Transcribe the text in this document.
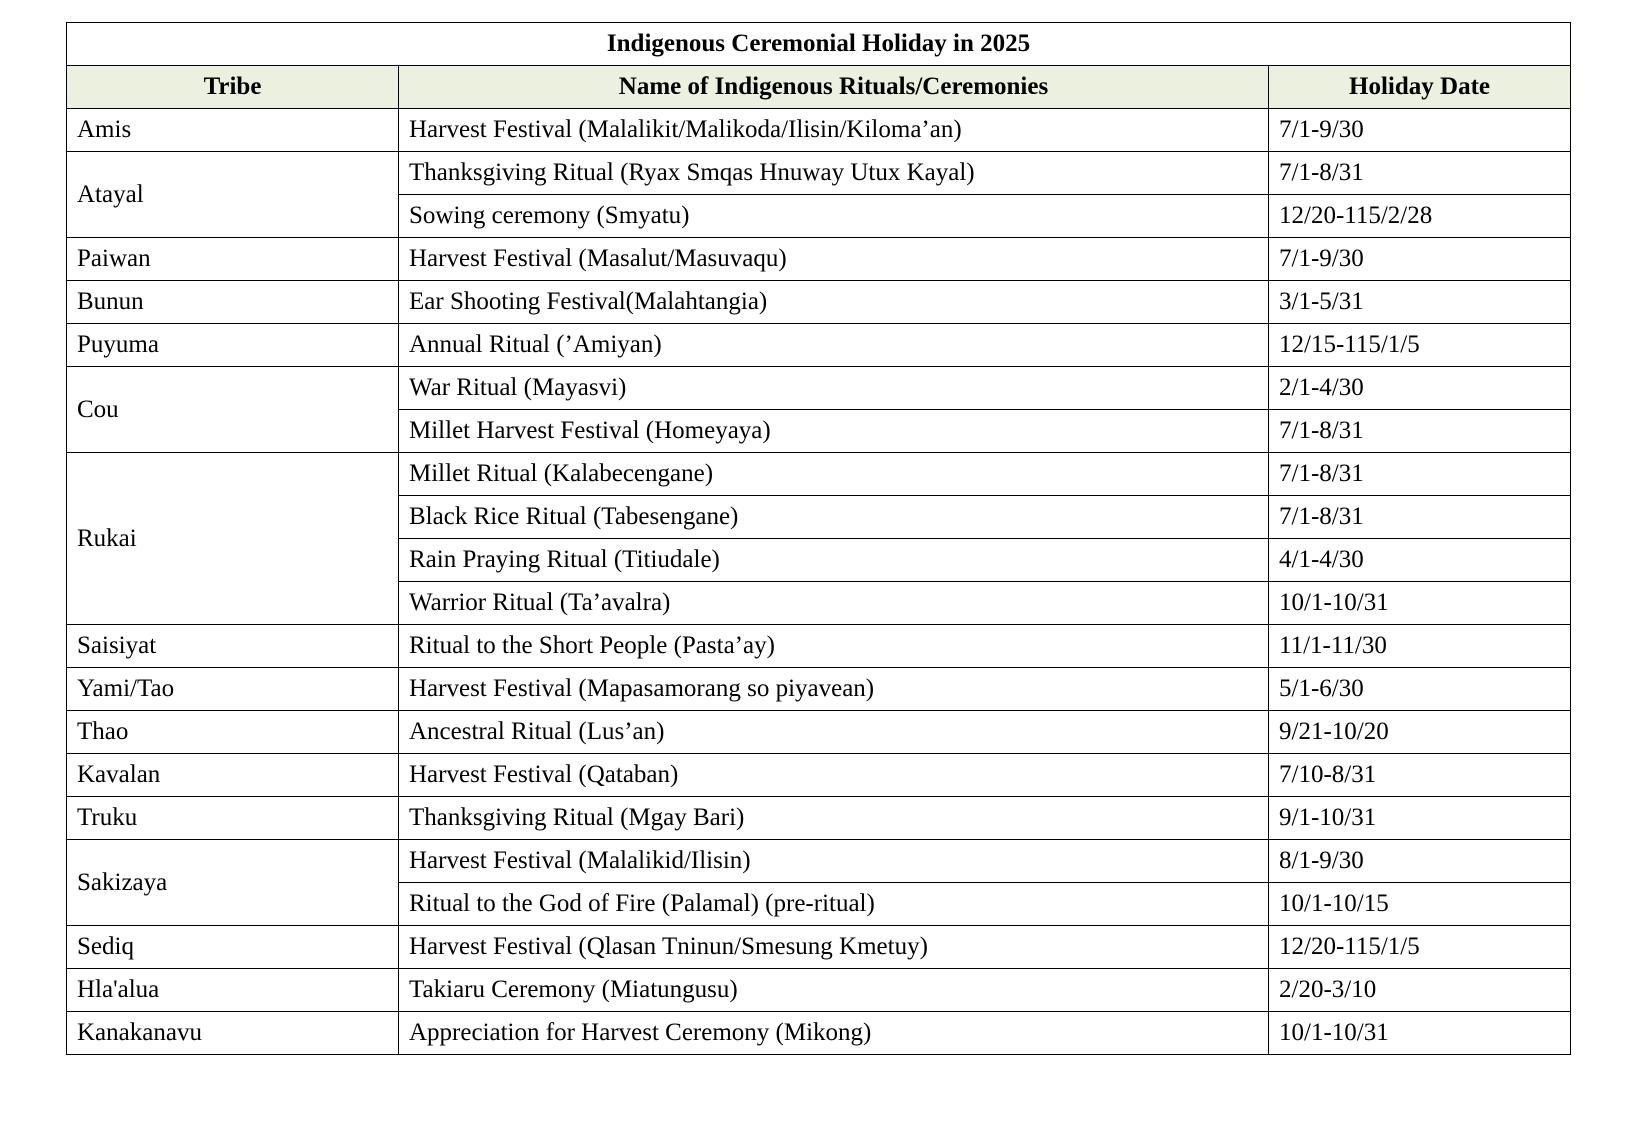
Indigenous Ceremonial Holiday in 2025		
Tribe	Name of Indigenous Rituals/Ceremonies	Holiday Date
Amis	Harvest Festival (Malalikit/Malikoda/Ilisin/Kiloma’an)	7/1-9/30
Atayal	Thanksgiving Ritual (Ryax Smqas Hnuway Utux Kayal)	7/1-8/31
	Sowing ceremony (Smyatu)	12/20-115/2/28
Paiwan	Harvest Festival (Masalut/Masuvaqu)	7/1-9/30
Bunun	Ear Shooting Festival(Malahtangia)	3/1-5/31
Puyuma	Annual Ritual (’Amiyan)	12/15-115/1/5
Cou	War Ritual (Mayasvi)	2/1-4/30
	Millet Harvest Festival (Homeyaya)	7/1-8/31
Rukai	Millet Ritual (Kalabecengane)	7/1-8/31
	Black Rice Ritual (Tabesengane)	7/1-8/31
	Rain Praying Ritual (Titiudale)	4/1-4/30
	Warrior Ritual (Ta’avalra)	10/1-10/31
Saisiyat	Ritual to the Short People (Pasta’ay)	11/1-11/30
Yami/Tao	Harvest Festival (Mapasamorang so piyavean)	5/1-6/30
Thao	Ancestral Ritual (Lus’an)	9/21-10/20
Kavalan	Harvest Festival (Qataban)	7/10-8/31
Truku	Thanksgiving Ritual (Mgay Bari)	9/1-10/31
Sakizaya	Harvest Festival (Malalikid/Ilisin)	8/1-9/30
	Ritual to the God of Fire (Palamal) (pre-ritual)	10/1-10/15
Sediq	Harvest Festival (Qlasan Tninun/Smesung Kmetuy)	12/20-115/1/5
Hla'alua	Takiaru Ceremony (Miatungusu)	2/20-3/10
Kanakanavu	Appreciation for Harvest Ceremony (Mikong)	10/1-10/31
